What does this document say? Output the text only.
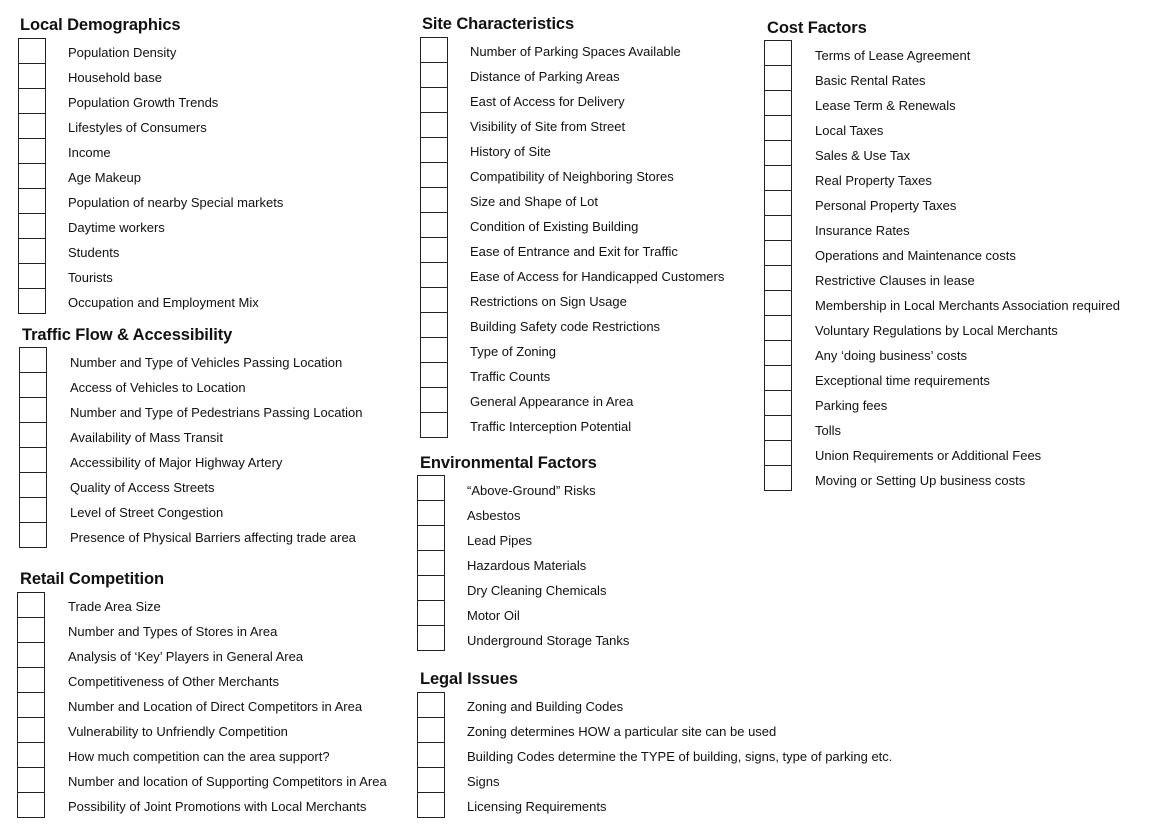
Local Demographics
Population Density
Household base
Population Growth Trends
Lifestyles of Consumers
Income
Age Makeup
Population of nearby Special markets
Daytime workers
Students
Tourists
Occupation and Employment Mix
Traffic Flow & Accessibility
Number and Type of Vehicles Passing Location
Access of Vehicles to Location
Number and Type of Pedestrians Passing Location
Availability of Mass Transit
Accessibility of Major Highway Artery
Quality of Access Streets
Level of Street Congestion
Presence of Physical Barriers affecting trade area
Retail Competition
Trade Area Size
Number and Types of Stores in Area
Analysis of ‘Key’ Players in General Area
Competitiveness of Other Merchants
Number and Location of Direct Competitors in Area
Vulnerability to Unfriendly Competition
How much competition can the area support?
Number and location of Supporting Competitors in Area
Possibility of Joint Promotions with Local Merchants
Site Characteristics
Number of Parking Spaces Available
Distance of Parking Areas
East of Access for Delivery
Visibility of Site from Street
History of Site
Compatibility of Neighboring Stores
Size and Shape of Lot
Condition of Existing Building
Ease of Entrance and Exit for Traffic
Ease of Access for Handicapped Customers
Restrictions on Sign Usage
Building Safety code Restrictions
Type of Zoning
Traffic Counts
General Appearance in Area
Traffic Interception Potential
Environmental Factors
“Above-Ground” Risks
Asbestos
Lead Pipes
Hazardous Materials
Dry Cleaning Chemicals
Motor Oil
Underground Storage Tanks
Legal Issues
Zoning and Building Codes
Zoning determines HOW a particular site can be used
Building Codes determine the TYPE of building, signs, type of parking etc.
Signs
Licensing Requirements
Cost Factors
Terms of Lease Agreement
Basic Rental Rates
Lease Term & Renewals
Local Taxes
Sales & Use Tax
Real Property Taxes
Personal Property Taxes
Insurance Rates
Operations and Maintenance costs
Restrictive Clauses in lease
Membership in Local Merchants Association required
Voluntary Regulations by Local Merchants
Any ‘doing business’ costs
Exceptional time requirements
Parking fees
Tolls
Union Requirements or Additional Fees
Moving or Setting Up business costs
